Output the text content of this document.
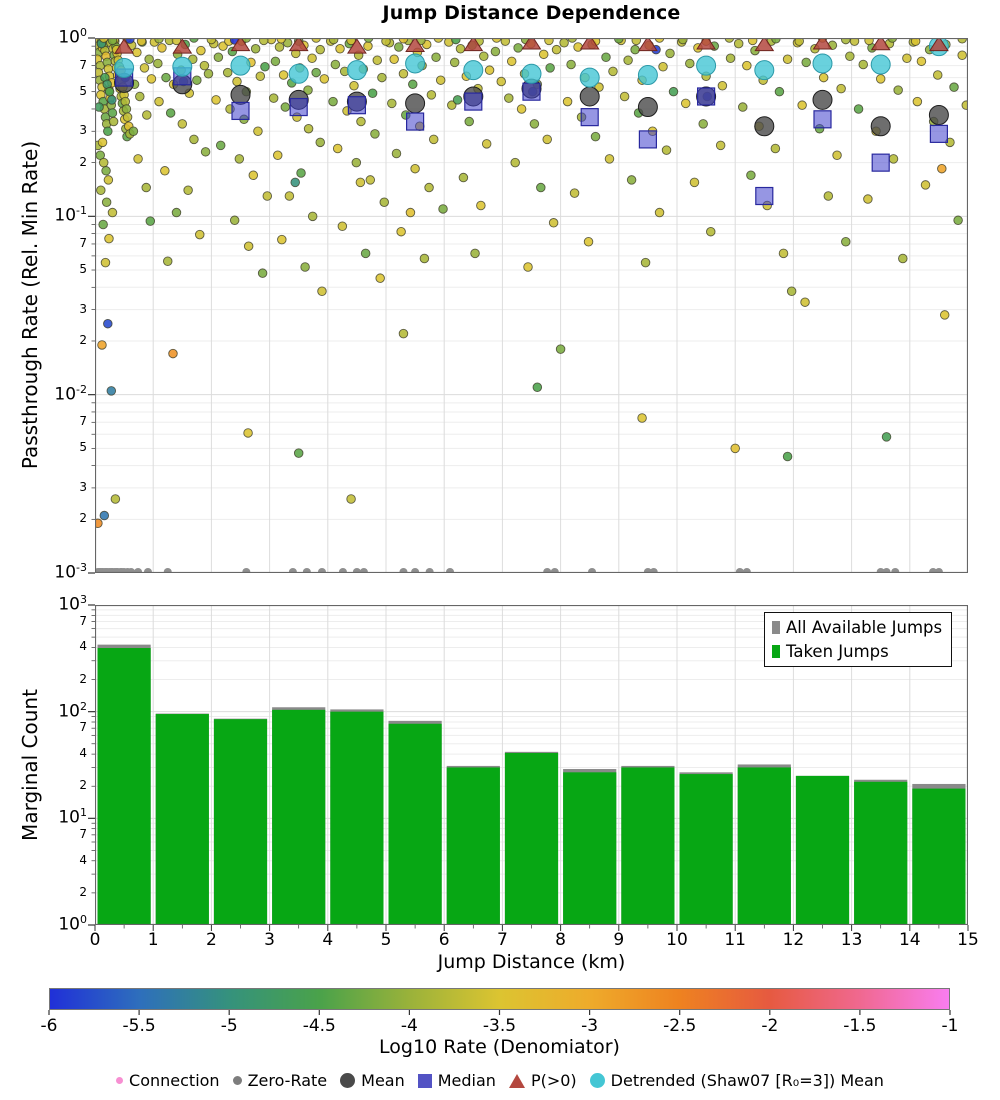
Jump Distance Dependence
Passthrough Rate (Rel. Min Rate)
Marginal Count
Jump Distance (km)
$10^0$
$10^{-1}$
$10^{-2}$
$10^{-3}$
7
5
3
2
7
5
3
2
7
5
3
2
$10^3$
$10^2$
$10^1$
$10^0$
7
4
2
7
4
2
7
4
2
0	1	2	3	4	5	6	7	8	9	10	11	12	13	14	15
-6	-5.5	-5	-4.5	-4	-3.5	-3	-2.5	-2	-1.5	-1
Log10 Rate (Denomiator)
All Available Jumps
Taken Jumps
Connection Zero-Rate Mean Median P(>0) Detrended (Shaw07 [R₀=3]) Mean
